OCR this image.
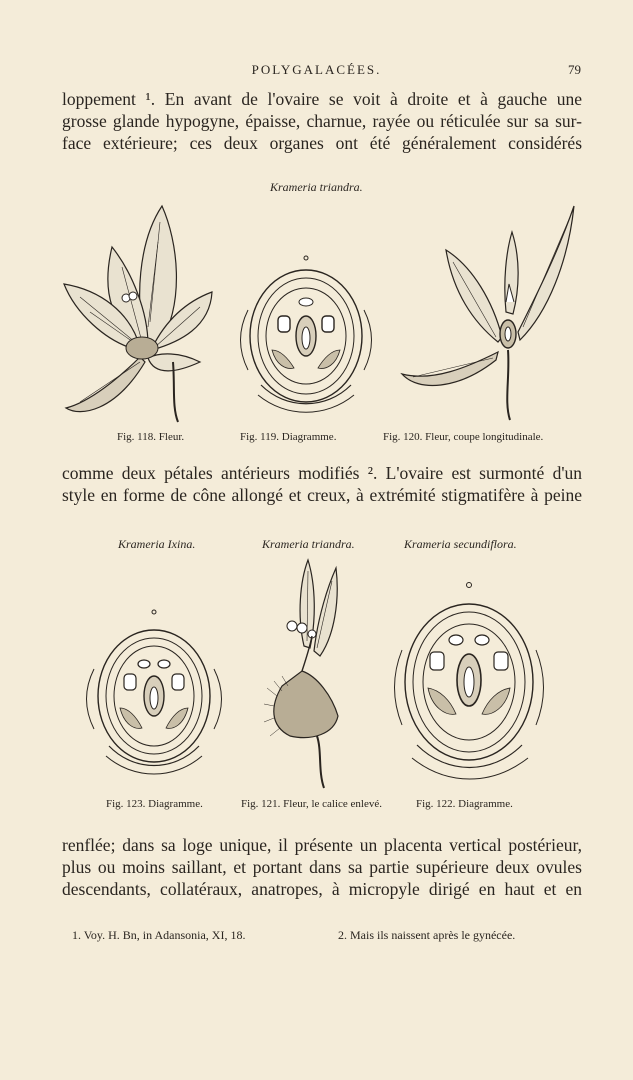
POLYGALACÉES.	79
loppement ¹. En avant de l'ovaire se voit à droite et à gauche une
grosse glande hypogyne, épaisse, charnue, rayée ou réticulée sur sa sur-
face extérieure; ces deux organes ont été généralement considérés
Krameria triandra.
Fig. 118. Fleur.	Fig. 119. Diagramme.	Fig. 120. Fleur, coupe longitudinale.
comme deux pétales antérieurs modifiés ². L'ovaire est surmonté d'un
style en forme de cône allongé et creux, à extrémité stigmatifère à peine
Krameria Ixina.	Krameria triandra.	Krameria secundiflora.
Fig. 123. Diagramme.	Fig. 121. Fleur, le calice enlevé.	Fig. 122. Diagramme.
renflée; dans sa loge unique, il présente un placenta vertical postérieur,
plus ou moins saillant, et portant dans sa partie supérieure deux ovules
descendants, collatéraux, anatropes, à micropyle dirigé en haut et en
1. Voy. H. Bn, in Adansonia, XI, 18.	2. Mais ils naissent après le gynécée.
